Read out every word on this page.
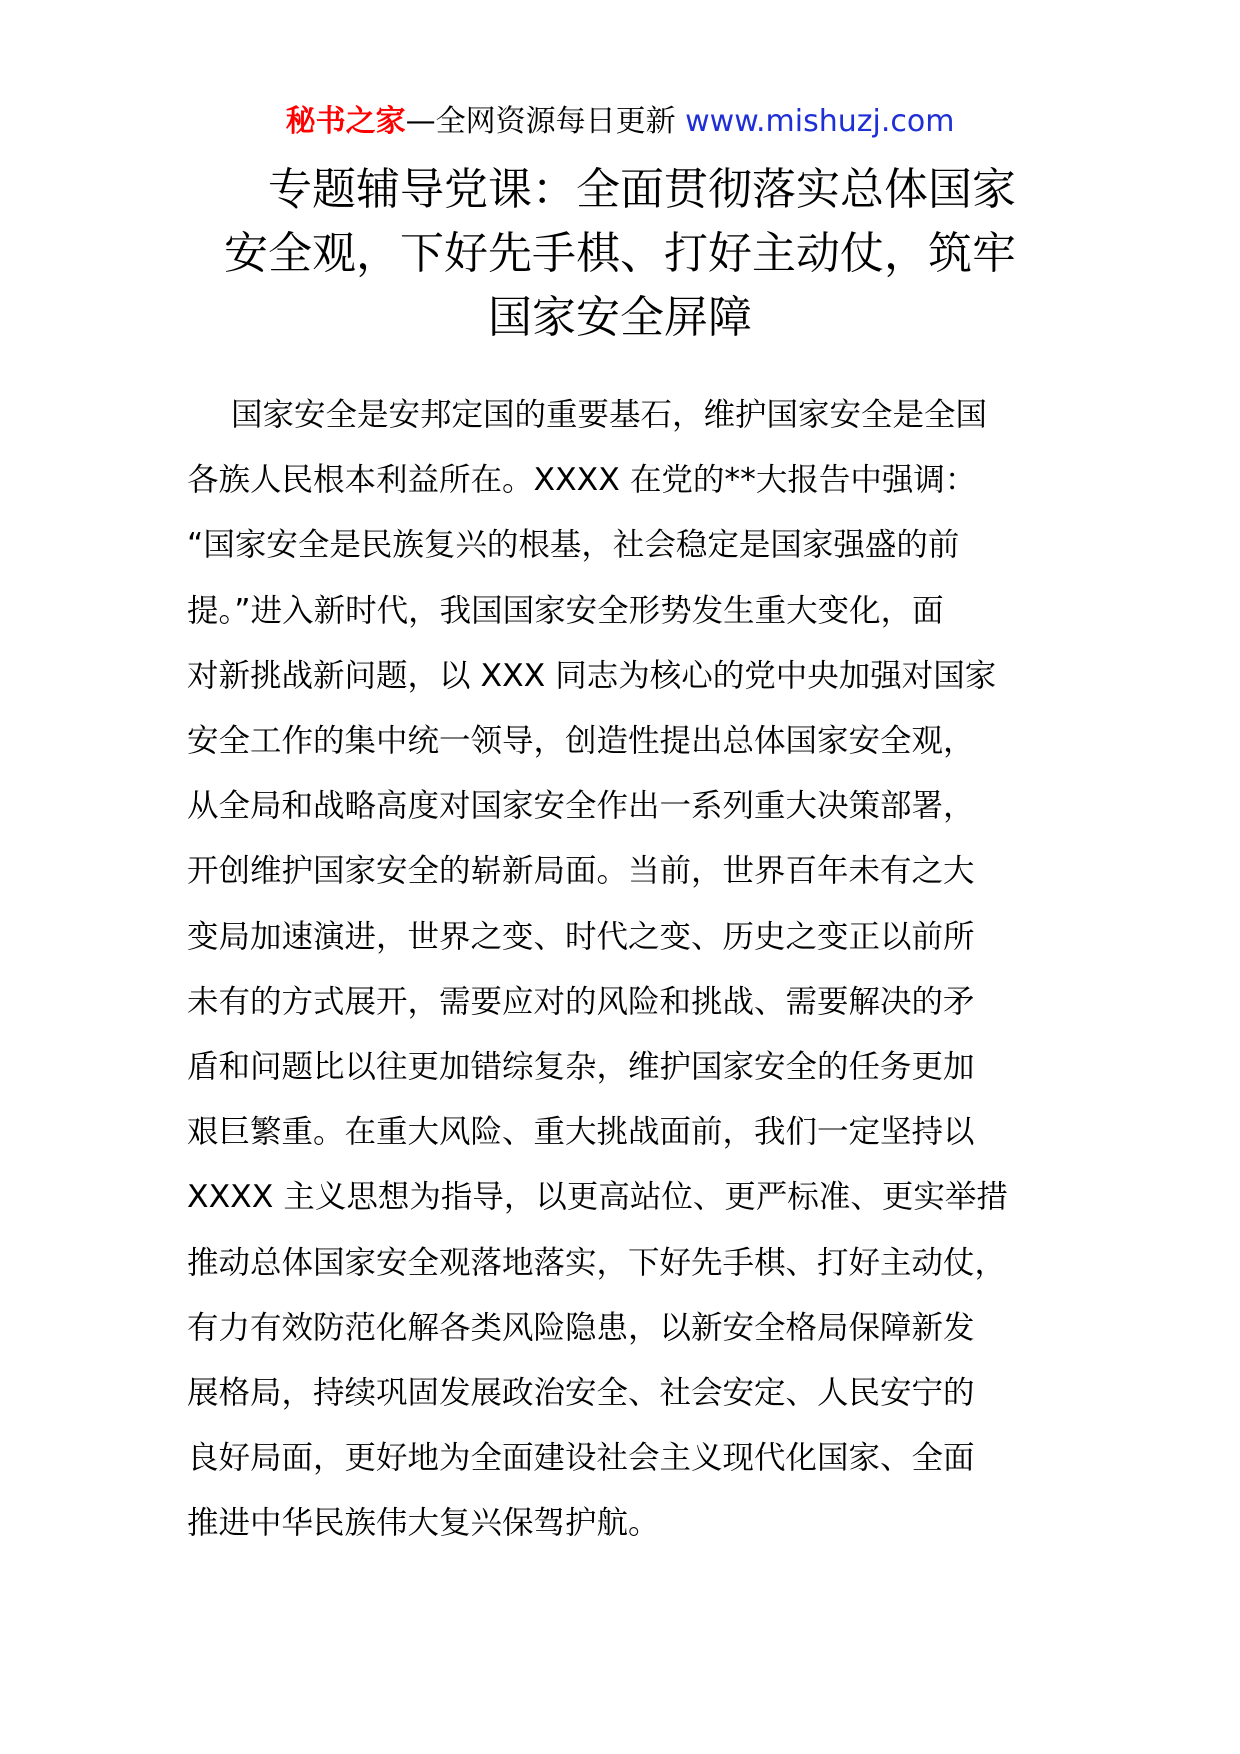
秘书之家—全网资源每日更新 www.mishuzj.com
专题辅导党课：全面贯彻落实总体国家
安全观，下好先手棋、打好主动仗，筑牢
国家安全屏障
国家安全是安邦定国的重要基石，维护国家安全是全国
各族人民根本利益所在。XXXX 在党的**大报告中强调：
“国家安全是民族复兴的根基，社会稳定是国家强盛的前
提。”进入新时代，我国国家安全形势发生重大变化，面
对新挑战新问题，以 XXX 同志为核心的党中央加强对国家
安全工作的集中统一领导，创造性提出总体国家安全观，
从全局和战略高度对国家安全作出一系列重大决策部署，
开创维护国家安全的崭新局面。当前，世界百年未有之大
变局加速演进，世界之变、时代之变、历史之变正以前所
未有的方式展开，需要应对的风险和挑战、需要解决的矛
盾和问题比以往更加错综复杂，维护国家安全的任务更加
艰巨繁重。在重大风险、重大挑战面前，我们一定坚持以
XXXX 主义思想为指导，以更高站位、更严标准、更实举措
推动总体国家安全观落地落实，下好先手棋、打好主动仗，
有力有效防范化解各类风险隐患，以新安全格局保障新发
展格局，持续巩固发展政治安全、社会安定、人民安宁的
良好局面，更好地为全面建设社会主义现代化国家、全面
推进中华民族伟大复兴保驾护航。
